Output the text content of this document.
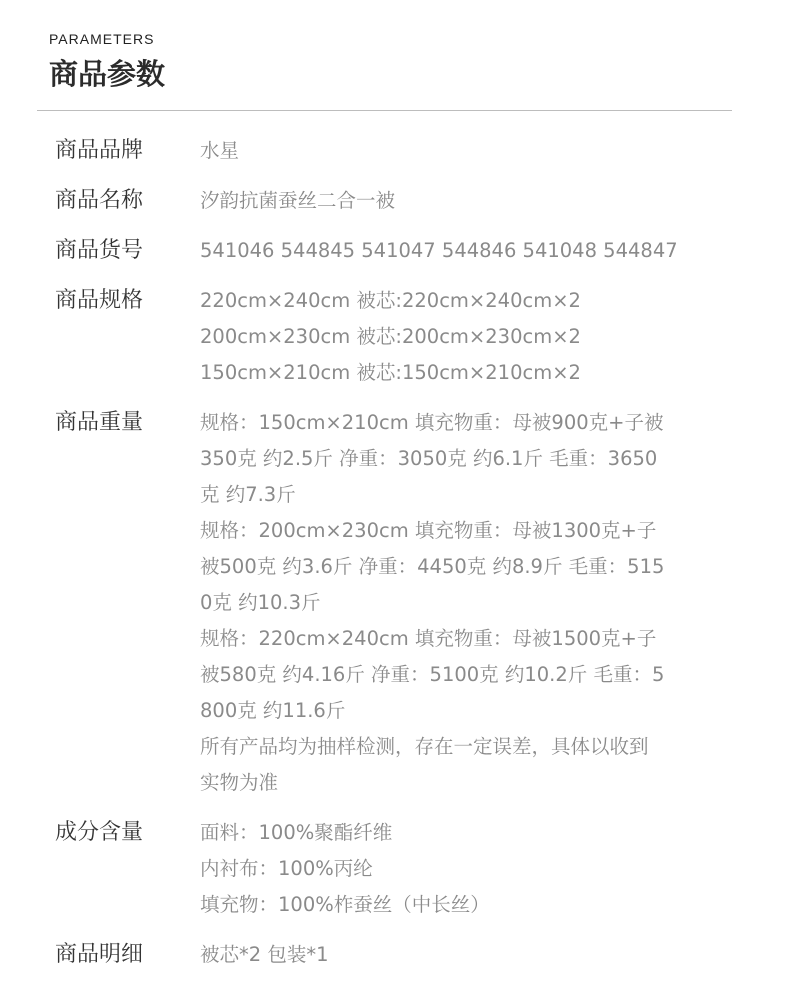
PARAMETERS
商品参数
商品品牌	水星
商品名称	汐韵抗菌蚕丝二合一被
商品货号	541046 544845 541047 544846 541048 544847
商品规格	220cm×240cm 被芯:220cm×240cm×2
200cm×230cm 被芯:200cm×230cm×2
150cm×210cm 被芯:150cm×210cm×2
商品重量	规格：150cm×210cm 填充物重：母被900克+子被
350克 约2.5斤 净重：3050克 约6.1斤 毛重：3650
克 约7.3斤
规格：200cm×230cm 填充物重：母被1300克+子
被500克 约3.6斤 净重：4450克 约8.9斤 毛重：515
0克 约10.3斤
规格：220cm×240cm 填充物重：母被1500克+子
被580克 约4.16斤 净重：5100克 约10.2斤 毛重：5
800克 约11.6斤
所有产品均为抽样检测，存在一定误差，具体以收到
实物为准
成分含量	面料：100%聚酯纤维
内衬布：100%丙纶
填充物：100%柞蚕丝（中长丝）
商品明细	被芯*2 包装*1
